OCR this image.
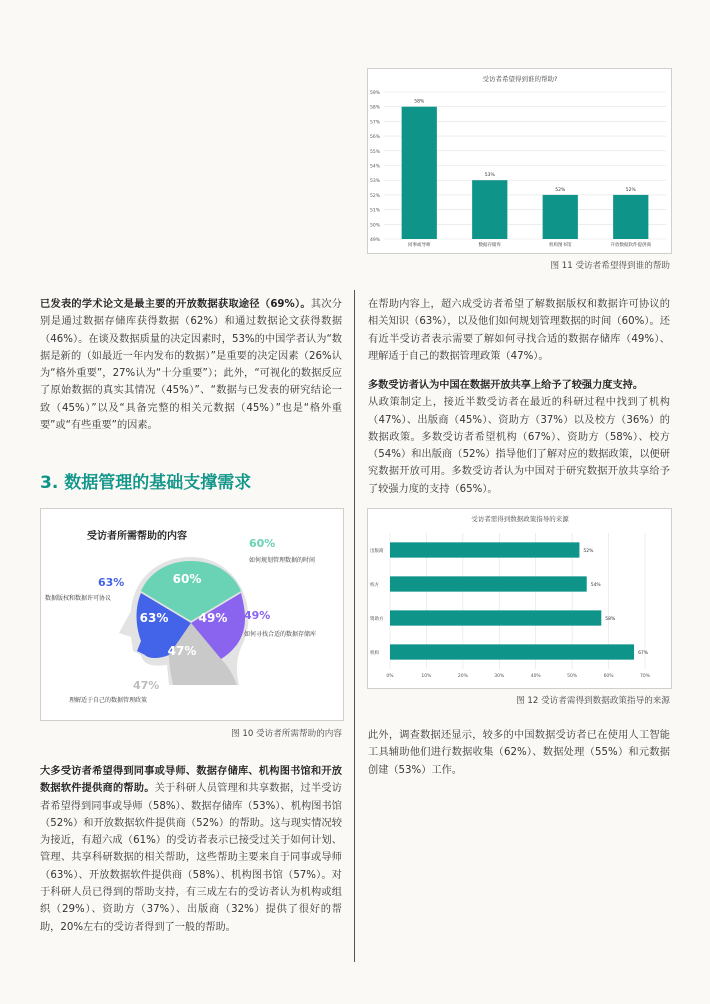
受访者希望得到谁的帮助?
49%
50%
51%
52%
53%
54%
55%
56%
57%
58%
59%
58%
同事或导师
53%
数据存储库
52%
机构图书馆
52%
开放数据软件提供商
图 11 受访者希望得到谁的帮助

已发表的学术论文是最主要的开放数据获取途径（69%）。其次分别是通过数据存储库获得数据（62%）和通过数据论文获得数据（46%）。在谈及数据质量的决定因素时，53%的中国学者认为“数据是新的（如最近一年内发布的数据）”是重要的决定因素（26%认为“格外重要”，27%认为“十分重要”）；此外，“可视化的数据反应了原始数据的真实其情况（45%）”、“数据与已发表的研究结论一致（45%）”以及“具备完整的相关元数据（45%）”也是“格外重要”或“有些重要”的因素。

在帮助内容上，超六成受访者希望了解数据版权和数据许可协议的相关知识（63%），以及他们如何规划管理数据的时间（60%）。还有近半受访者表示需要了解如何寻找合适的数据存储库（49%）、理解适于自己的数据管理政策（47%）。

多数受访者认为中国在数据开放共享上给予了较强力度支持。
从政策制定上，接近半数受访者在最近的科研过程中找到了机构（47%）、出版商（45%）、资助方（37%）以及校方（36%）的数据政策。多数受访者希望机构（67%）、资助方（58%）、校方（54%）和出版商（52%）指导他们了解对应的数据政策，以便研究数据开放可用。多数受访者认为中国对于研究数据开放共享给予了较强力度的支持（65%）。

3. 数据管理的基础支撑需求
受访者所需帮助的内容
60%
63%	49%
47%
60%
如何规划管理数据的时间
63%
数据版权和数据许可协议
49%
如何寻找合适的数据存储库
47%
理解适于自己的数据管理政策
图 10 受访者所需帮助的内容
受访者需得到数据政策指导的来源
0%	10%	20%	30%	40%	50%	60%	70%
52%
出版商
54%
校方
58%
资助方
67%
机构
图 12 受访者需得到数据政策指导的来源

大多受访者希望得到同事或导师、数据存储库、机构图书馆和开放数据软件提供商的帮助。关于科研人员管理和共享数据，过半受访者希望得到同事或导师（58%）、数据存储库（53%）、机构图书馆（52%）和开放数据软件提供商（52%）的帮助。这与现实情况较为接近，有超六成（61%）的受访者表示已接受过关于如何计划、管理、共享科研数据的相关帮助，这些帮助主要来自于同事或导师（63%）、开放数据软件提供商（58%）、机构图书馆（57%）。对于科研人员已得到的帮助支持，有三成左右的受访者认为机构或组织（29%）、资助方（37%）、出版商（32%）提供了很好的帮助，20%左右的受访者得到了一般的帮助。

此外，调查数据还显示，较多的中国数据受访者已在使用人工智能工具辅助他们进行数据收集（62%）、数据处理（55%）和元数据创建（53%）工作。
